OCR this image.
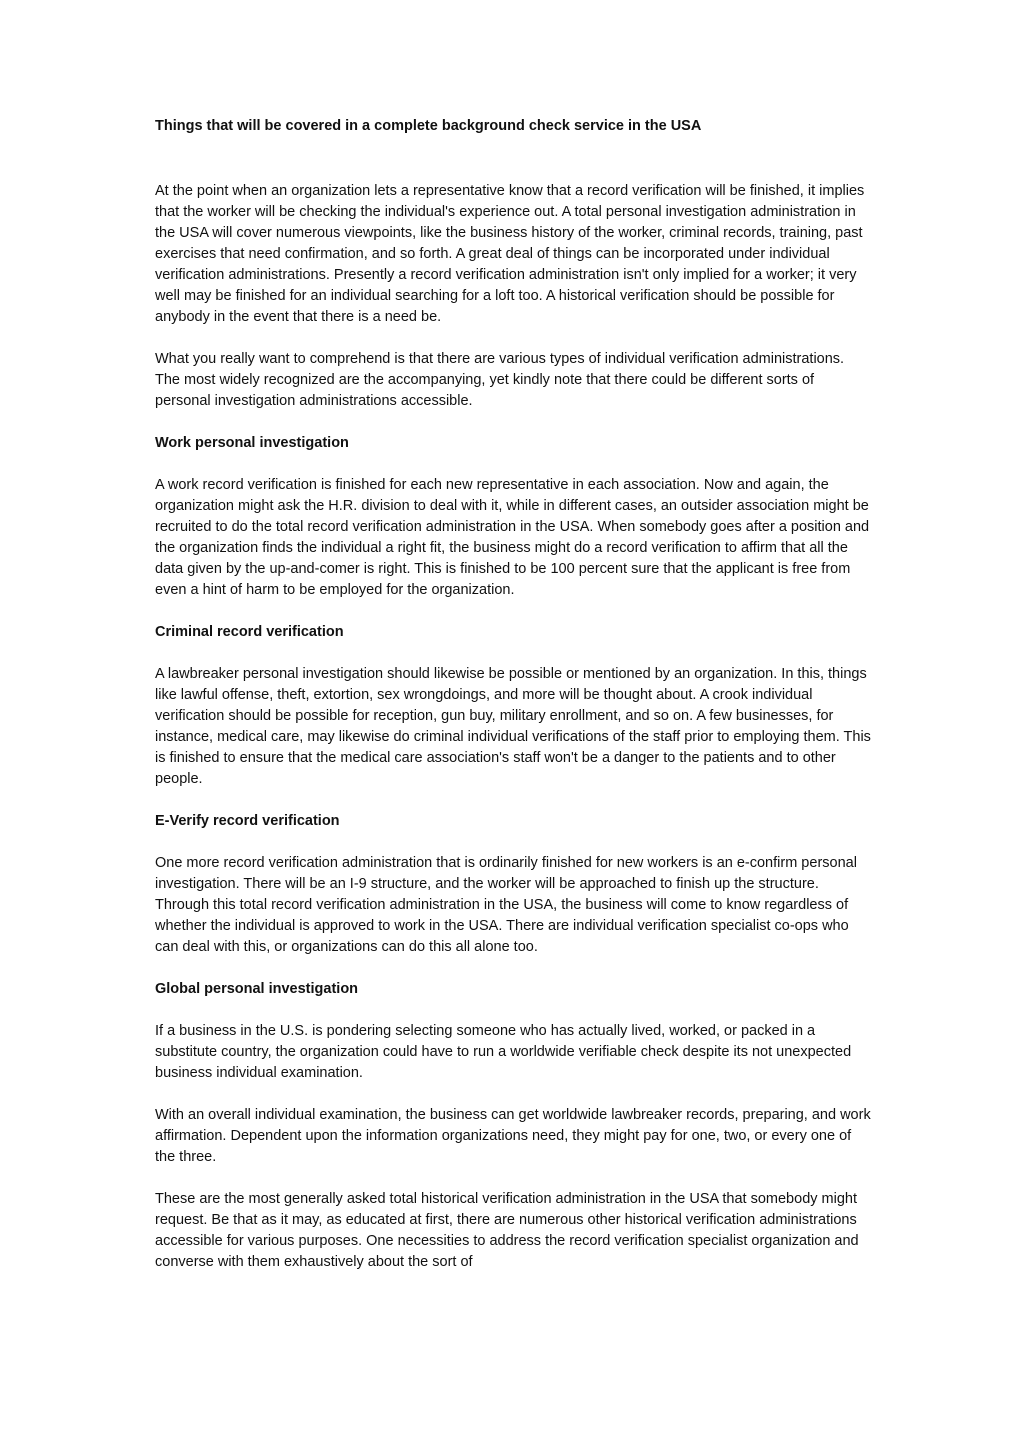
Things that will be covered in a complete background check service in the USA

At the point when an organization lets a representative know that a record verification will be finished, it implies that the worker will be checking the individual's experience out. A total personal investigation administration in the USA will cover numerous viewpoints, like the business history of the worker, criminal records, training, past exercises that need confirmation, and so forth. A great deal of things can be incorporated under individual verification administrations. Presently a record verification administration isn't only implied for a worker; it very well may be finished for an individual searching for a loft too. A historical verification should be possible for anybody in the event that there is a need be.

What you really want to comprehend is that there are various types of individual verification administrations. The most widely recognized are the accompanying, yet kindly note that there could be different sorts of personal investigation administrations accessible.

Work personal investigation

A work record verification is finished for each new representative in each association. Now and again, the organization might ask the H.R. division to deal with it, while in different cases, an outsider association might be recruited to do the total record verification administration in the USA. When somebody goes after a position and the organization finds the individual a right fit, the business might do a record verification to affirm that all the data given by the up-and-comer is right. This is finished to be 100 percent sure that the applicant is free from even a hint of harm to be employed for the organization.

Criminal record verification

A lawbreaker personal investigation should likewise be possible or mentioned by an organization. In this, things like lawful offense, theft, extortion, sex wrongdoings, and more will be thought about. A crook individual verification should be possible for reception, gun buy, military enrollment, and so on. A few businesses, for instance, medical care, may likewise do criminal individual verifications of the staff prior to employing them. This is finished to ensure that the medical care association's staff won't be a danger to the patients and to other people.

E-Verify record verification

One more record verification administration that is ordinarily finished for new workers is an e-confirm personal investigation. There will be an I-9 structure, and the worker will be approached to finish up the structure. Through this total record verification administration in the USA, the business will come to know regardless of whether the individual is approved to work in the USA. There are individual verification specialist co-ops who can deal with this, or organizations can do this all alone too.

Global personal investigation

If a business in the U.S. is pondering selecting someone who has actually lived, worked, or packed in a substitute country, the organization could have to run a worldwide verifiable check despite its not unexpected business individual examination.

With an overall individual examination, the business can get worldwide lawbreaker records, preparing, and work affirmation. Dependent upon the information organizations need, they might pay for one, two, or every one of the three.

These are the most generally asked total historical verification administration in the USA that somebody might request. Be that as it may, as educated at first, there are numerous other historical verification administrations accessible for various purposes. One necessities to address the record verification specialist organization and converse with them exhaustively about the sort of
